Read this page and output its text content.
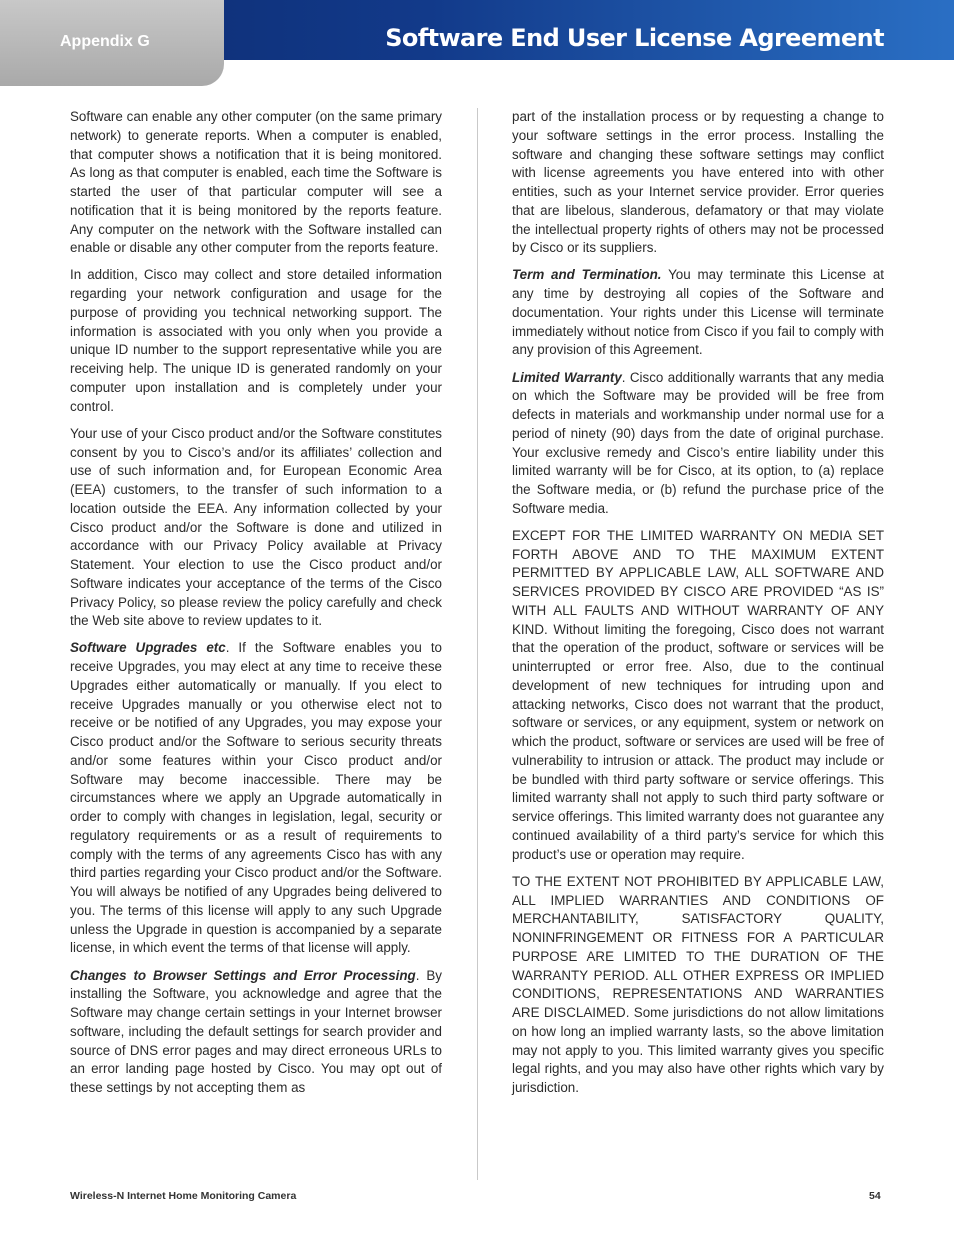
Appendix G	Software End User License Agreement

Software can enable any other computer (on the same primary network) to generate reports. When a computer is enabled, that computer shows a notification that it is being monitored. As long as that computer is enabled, each time the Software is started the user of that particular computer will see a notification that it is being monitored by the reports feature. Any computer on the network with the Software installed can enable or disable any other computer from the reports feature.

In addition, Cisco may collect and store detailed information regarding your network configuration and usage for the purpose of providing you technical networking support. The information is associated with you only when you provide a unique ID number to the support representative while you are receiving help. The unique ID is generated randomly on your computer upon installation and is completely under your control.

Your use of your Cisco product and/or the Software constitutes consent by you to Cisco’s and/or its affiliates’ collection and use of such information and, for European Economic Area (EEA) customers, to the transfer of such information to a location outside the EEA. Any information collected by your Cisco product and/or the Software is done and utilized in accordance with our Privacy Policy available at Privacy Statement. Your election to use the Cisco product and/or Software indicates your acceptance of the terms of the Cisco Privacy Policy, so please review the policy carefully and check the Web site above to review updates to it.

Software Upgrades etc. If the Software enables you to receive Upgrades, you may elect at any time to receive these Upgrades either automatically or manually. If you elect to receive Upgrades manually or you otherwise elect not to receive or be notified of any Upgrades, you may expose your Cisco product and/or the Software to serious security threats and/or some features within your Cisco product and/or Software may become inaccessible. There may be circumstances where we apply an Upgrade automatically in order to comply with changes in legislation, legal, security or regulatory requirements or as a result of requirements to comply with the terms of any agreements Cisco has with any third parties regarding your Cisco product and/or the Software. You will always be notified of any Upgrades being delivered to you. The terms of this license will apply to any such Upgrade unless the Upgrade in question is accompanied by a separate license, in which event the terms of that license will apply.

Changes to Browser Settings and Error Processing. By installing the Software, you acknowledge and agree that the Software may change certain settings in your Internet browser software, including the default settings for search provider and source of DNS error pages and may direct erroneous URLs to an error landing page hosted by Cisco. You may opt out of these settings by not accepting them as

part of the installation process or by requesting a change to your software settings in the error process. Installing the software and changing these software settings may conflict with license agreements you have entered into with other entities, such as your Internet service provider. Error queries that are libelous, slanderous, defamatory or that may violate the intellectual property rights of others may not be processed by Cisco or its suppliers.

Term and Termination. You may terminate this License at any time by destroying all copies of the Software and documentation. Your rights under this License will terminate immediately without notice from Cisco if you fail to comply with any provision of this Agreement.

Limited Warranty. Cisco additionally warrants that any media on which the Software may be provided will be free from defects in materials and workmanship under normal use for a period of ninety (90) days from the date of original purchase. Your exclusive remedy and Cisco’s entire liability under this limited warranty will be for Cisco, at its option, to (a) replace the Software media, or (b) refund the purchase price of the Software media.

EXCEPT FOR THE LIMITED WARRANTY ON MEDIA SET FORTH ABOVE AND TO THE MAXIMUM EXTENT PERMITTED BY APPLICABLE LAW, ALL SOFTWARE AND SERVICES PROVIDED BY CISCO ARE PROVIDED “AS IS” WITH ALL FAULTS AND WITHOUT WARRANTY OF ANY KIND. Without limiting the foregoing, Cisco does not warrant that the operation of the product, software or services will be uninterrupted or error free. Also, due to the continual development of new techniques for intruding upon and attacking networks, Cisco does not warrant that the product, software or services, or any equipment, system or network on which the product, software or services are used will be free of vulnerability to intrusion or attack. The product may include or be bundled with third party software or service offerings. This limited warranty shall not apply to such third party software or service offerings. This limited warranty does not guarantee any continued availability of a third party’s service for which this product’s use or operation may require.

TO THE EXTENT NOT PROHIBITED BY APPLICABLE LAW, ALL IMPLIED WARRANTIES AND CONDITIONS OF MERCHANTABILITY, SATISFACTORY QUALITY, NONINFRINGEMENT OR FITNESS FOR A PARTICULAR PURPOSE ARE LIMITED TO THE DURATION OF THE WARRANTY PERIOD. ALL OTHER EXPRESS OR IMPLIED CONDITIONS, REPRESENTATIONS AND WARRANTIES ARE DISCLAIMED. Some jurisdictions do not allow limitations on how long an implied warranty lasts, so the above limitation may not apply to you. This limited warranty gives you specific legal rights, and you may also have other rights which vary by jurisdiction.

Wireless-N Internet Home Monitoring Camera	54
